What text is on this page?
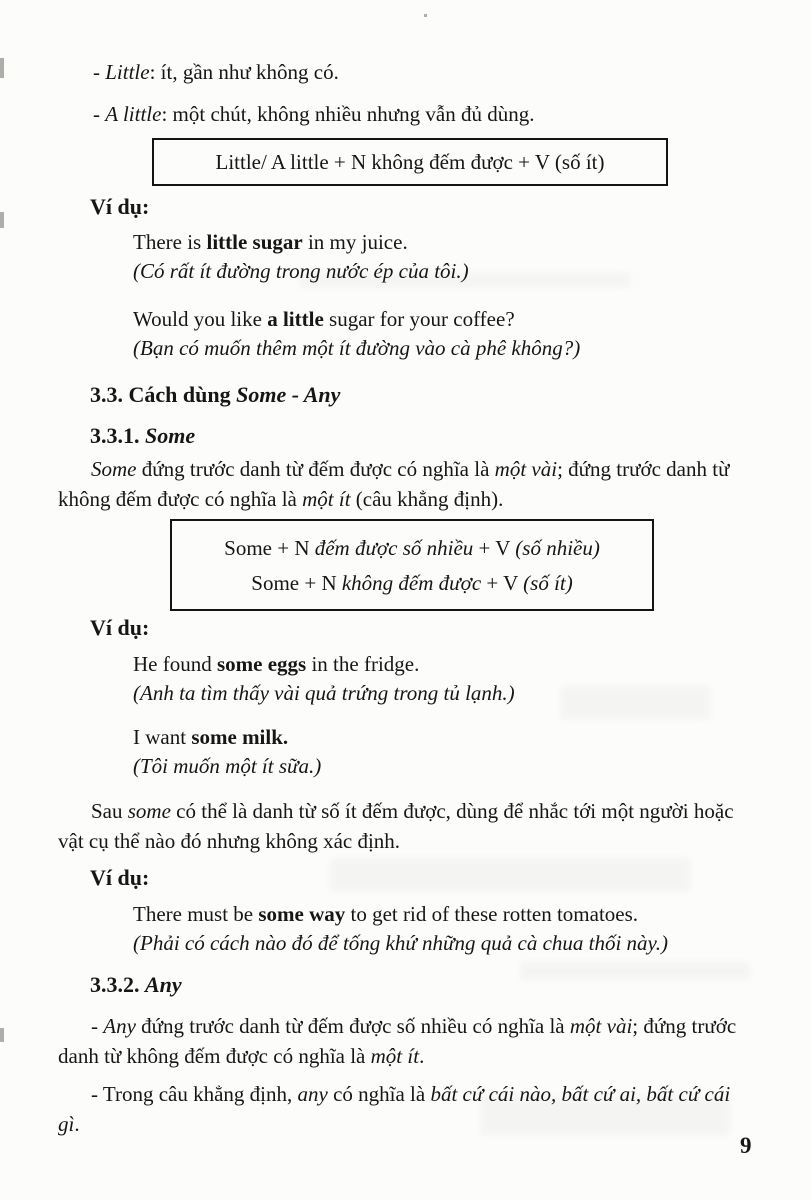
- Little: ít, gần như không có.

- A little: một chút, không nhiều nhưng vẫn đủ dùng.

Little/ A little + N không đếm được + V (số ít)

Ví dụ:

There is little sugar in my juice.

(Có rất ít đường trong nước ép của tôi.)

Would you like a little sugar for your coffee?

(Bạn có muốn thêm một ít đường vào cà phê không?)

3.3. Cách dùng Some - Any

3.3.1. Some

Some đứng trước danh từ đếm được có nghĩa là một vài; đứng trước danh từ không đếm được có nghĩa là một ít (câu khẳng định).

Some + N đếm được số nhiều + V (số nhiều)

Some + N không đếm được + V (số ít)

Ví dụ:

He found some eggs in the fridge.

(Anh ta tìm thấy vài quả trứng trong tủ lạnh.)

I want some milk.

(Tôi muốn một ít sữa.)

Sau some có thể là danh từ số ít đếm được, dùng để nhắc tới một người hoặc vật cụ thể nào đó nhưng không xác định.

Ví dụ:

There must be some way to get rid of these rotten tomatoes.

(Phải có cách nào đó để tống khứ những quả cà chua thối này.)

3.3.2. Any

- Any đứng trước danh từ đếm được số nhiều có nghĩa là một vài; đứng trước danh từ không đếm được có nghĩa là một ít.

- Trong câu khẳng định, any có nghĩa là bất cứ cái nào, bất cứ ai, bất cứ cái gì.

9
